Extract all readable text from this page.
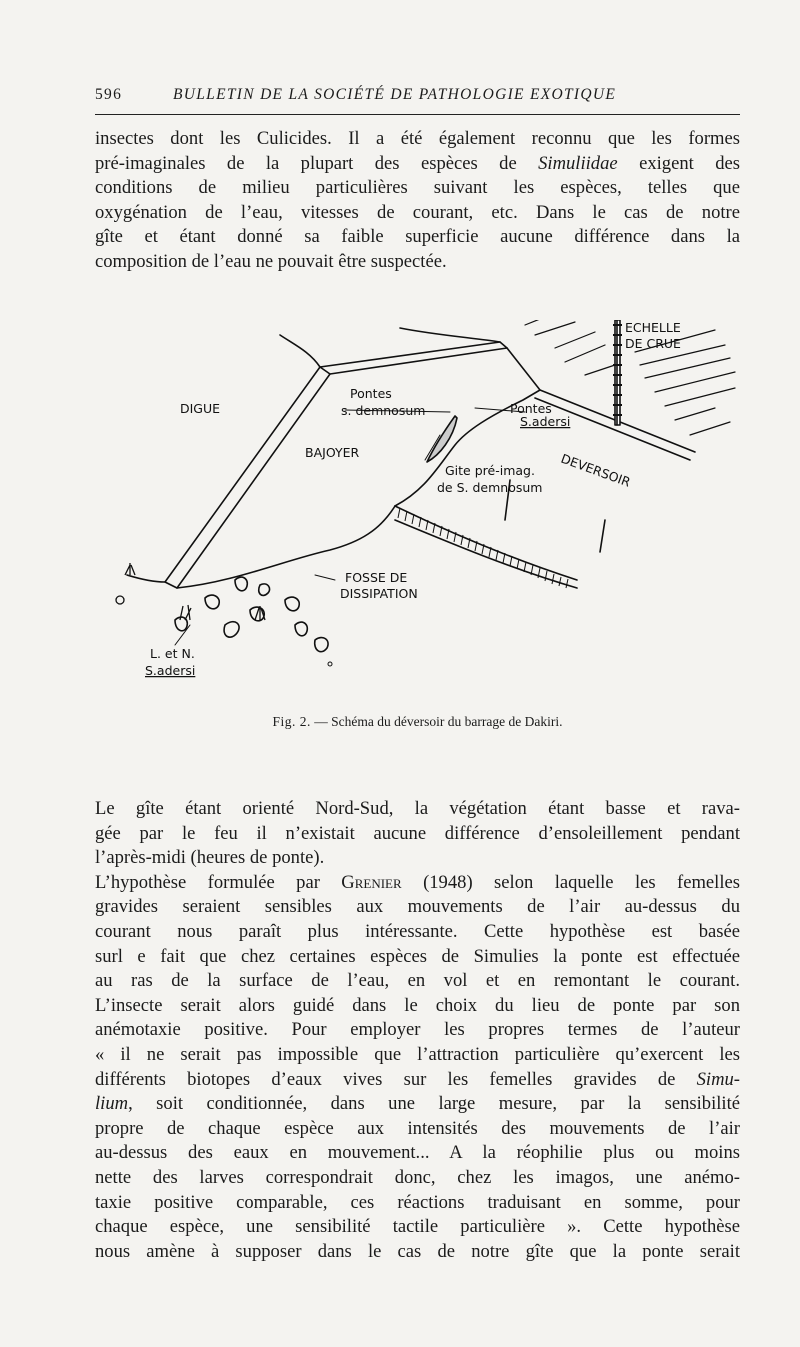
596	BULLETIN DE LA SOCIÉTÉ DE PATHOLOGIE EXOTIQUE
insectes dont les Culicides. Il a été également reconnu que les formes
pré-imaginales de la plupart des espèces de Simuliidae exigent des
conditions de milieu particulières suivant les espèces, telles que
oxygénation de l’eau, vitesses de courant, etc. Dans le cas de notre
gîte et étant donné sa faible superficie aucune différence dans la
composition de l’eau ne pouvait être suspectée.
DIGUE
BAJOYER
Pontes
s. demnosum	Pontes
S.adersi
Gite pré-imag.
de S. demnosum
ECHELLE
DE CRUE
DEVERSOIR
FOSSE DE
DISSIPATION
L. et N.
S.adersi
Fig. 2. — Schéma du déversoir du barrage de Dakiri.
Le gîte étant orienté Nord-Sud, la végétation étant basse et rava-
gée par le feu il n’existait aucune différence d’ensoleillement pendant
l’après-midi (heures de ponte).
L’hypothèse formulée par Grenier (1948) selon laquelle les femelles
gravides seraient sensibles aux mouvements de l’air au-dessus du
courant nous paraît plus intéressante. Cette hypothèse est basée
surl e fait que chez certaines espèces de Simulies la ponte est effectuée
au ras de la surface de l’eau, en vol et en remontant le courant.
L’insecte serait alors guidé dans le choix du lieu de ponte par son
anémotaxie positive. Pour employer les propres termes de l’auteur
« il ne serait pas impossible que l’attraction particulière qu’exercent les
différents biotopes d’eaux vives sur les femelles gravides de Simu-
lium, soit conditionnée, dans une large mesure, par la sensibilité
propre de chaque espèce aux intensités des mouvements de l’air
au-dessus des eaux en mouvement... A la réophilie plus ou moins
nette des larves correspondrait donc, chez les imagos, une anémo-
taxie positive comparable, ces réactions traduisant en somme, pour
chaque espèce, une sensibilité tactile particulière ». Cette hypothèse
nous amène à supposer dans le cas de notre gîte que la ponte serait
